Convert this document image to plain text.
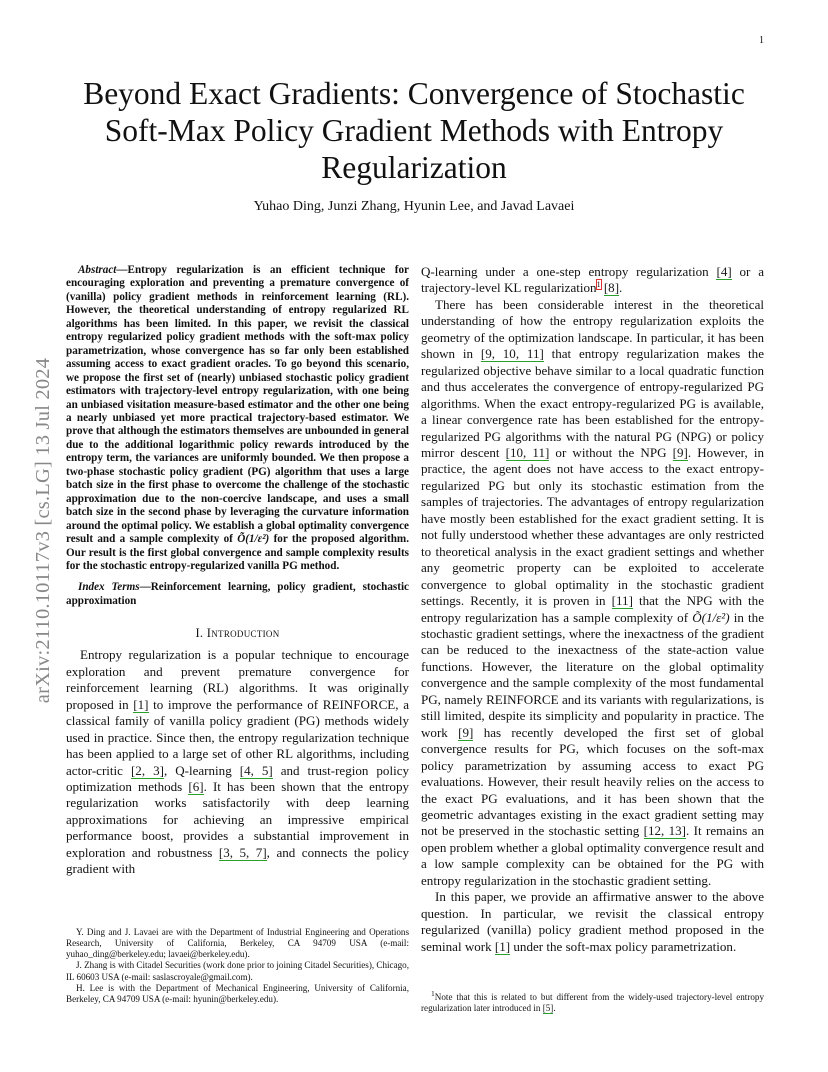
1
arXiv:2110.10117v3 [cs.LG] 13 Jul 2024
Beyond Exact Gradients: Convergence of Stochastic
Soft-Max Policy Gradient Methods with Entropy
Regularization
Yuhao Ding, Junzi Zhang, Hyunin Lee, and Javad Lavaei

Abstract—Entropy regularization is an efficient technique for encouraging exploration and preventing a premature convergence of (vanilla) policy gradient methods in reinforcement learning (RL). However, the theoretical understanding of entropy regularized RL algorithms has been limited. In this paper, we revisit the classical entropy regularized policy gradient methods with the soft-max policy parametrization, whose convergence has so far only been established assuming access to exact gradient oracles. To go beyond this scenario, we propose the first set of (nearly) unbiased stochastic policy gradient estimators with trajectory-level entropy regularization, with one being an unbiased visitation measure-based estimator and the other one being a nearly unbiased yet more practical trajectory-based estimator. We prove that although the estimators themselves are unbounded in general due to the additional logarithmic policy rewards introduced by the entropy term, the variances are uniformly bounded. We then propose a two-phase stochastic policy gradient (PG) algorithm that uses a large batch size in the first phase to overcome the challenge of the stochastic approximation due to the non-coercive landscape, and uses a small batch size in the second phase by leveraging the curvature information around the optimal policy. We establish a global optimality convergence result and a sample complexity of Õ(1/ε²) for the proposed algorithm. Our result is the first global convergence and sample complexity results for the stochastic entropy-regularized vanilla PG method.

Index Terms—Reinforcement learning, policy gradient, stochastic approximation

I. Introduction

Entropy regularization is a popular technique to encourage exploration and prevent premature convergence for reinforcement learning (RL) algorithms. It was originally proposed in [1] to improve the performance of REINFORCE, a classical family of vanilla policy gradient (PG) methods widely used in practice. Since then, the entropy regularization technique has been applied to a large set of other RL algorithms, including actor-critic [2, 3], Q-learning [4, 5] and trust-region policy optimization methods [6]. It has been shown that the entropy regularization works satisfactorily with deep learning approximations for achieving an impressive empirical performance boost, provides a substantial improvement in exploration and robustness [3, 5, 7], and connects the policy gradient with

Y. Ding and J. Lavaei are with the Department of Industrial Engineering and Operations Research, University of California, Berkeley, CA 94709 USA (e-mail: yuhao_ding@berkeley.edu; lavaei@berkeley.edu).

J. Zhang is with Citadel Securities (work done prior to joining Citadel Securities), Chicago, IL 60603 USA (e-mail: saslascroyale@gmail.com).

H. Lee is with the Department of Mechanical Engineering, University of California, Berkeley, CA 94709 USA (e-mail: hyunin@berkeley.edu).

Q-learning under a one-step entropy regularization [4] or a trajectory-level KL regularization$^1$ [8].

There has been considerable interest in the theoretical understanding of how the entropy regularization exploits the geometry of the optimization landscape. In particular, it has been shown in [9, 10, 11] that entropy regularization makes the regularized objective behave similar to a local quadratic function and thus accelerates the convergence of entropy-regularized PG algorithms. When the exact entropy-regularized PG is available, a linear convergence rate has been established for the entropy-regularized PG algorithms with the natural PG (NPG) or policy mirror descent [10, 11] or without the NPG [9]. However, in practice, the agent does not have access to the exact entropy-regularized PG but only its stochastic estimation from the samples of trajectories. The advantages of entropy regularization have mostly been established for the exact gradient setting. It is not fully understood whether these advantages are only restricted to theoretical analysis in the exact gradient settings and whether any geometric property can be exploited to accelerate convergence to global optimality in the stochastic gradient settings. Recently, it is proven in [11] that the NPG with the entropy regularization has a sample complexity of Õ(1/ε²) in the stochastic gradient settings, where the inexactness of the gradient can be reduced to the inexactness of the state-action value functions. However, the literature on the global optimality convergence and the sample complexity of the most fundamental PG, namely REINFORCE and its variants with regularizations, is still limited, despite its simplicity and popularity in practice. The work [9] has recently developed the first set of global convergence results for PG, which focuses on the soft-max policy parametrization by assuming access to exact PG evaluations. However, their result heavily relies on the access to the exact PG evaluations, and it has been shown that the geometric advantages existing in the exact gradient setting may not be preserved in the stochastic setting [12, 13]. It remains an open problem whether a global optimality convergence result and a low sample complexity can be obtained for the PG with entropy regularization in the stochastic gradient setting.

In this paper, we provide an affirmative answer to the above question. In particular, we revisit the classical entropy regularized (vanilla) policy gradient method proposed in the seminal work [1] under the soft-max policy parametrization.

$^1$Note that this is related to but different from the widely-used trajectory-level entropy regularization later introduced in [5].
